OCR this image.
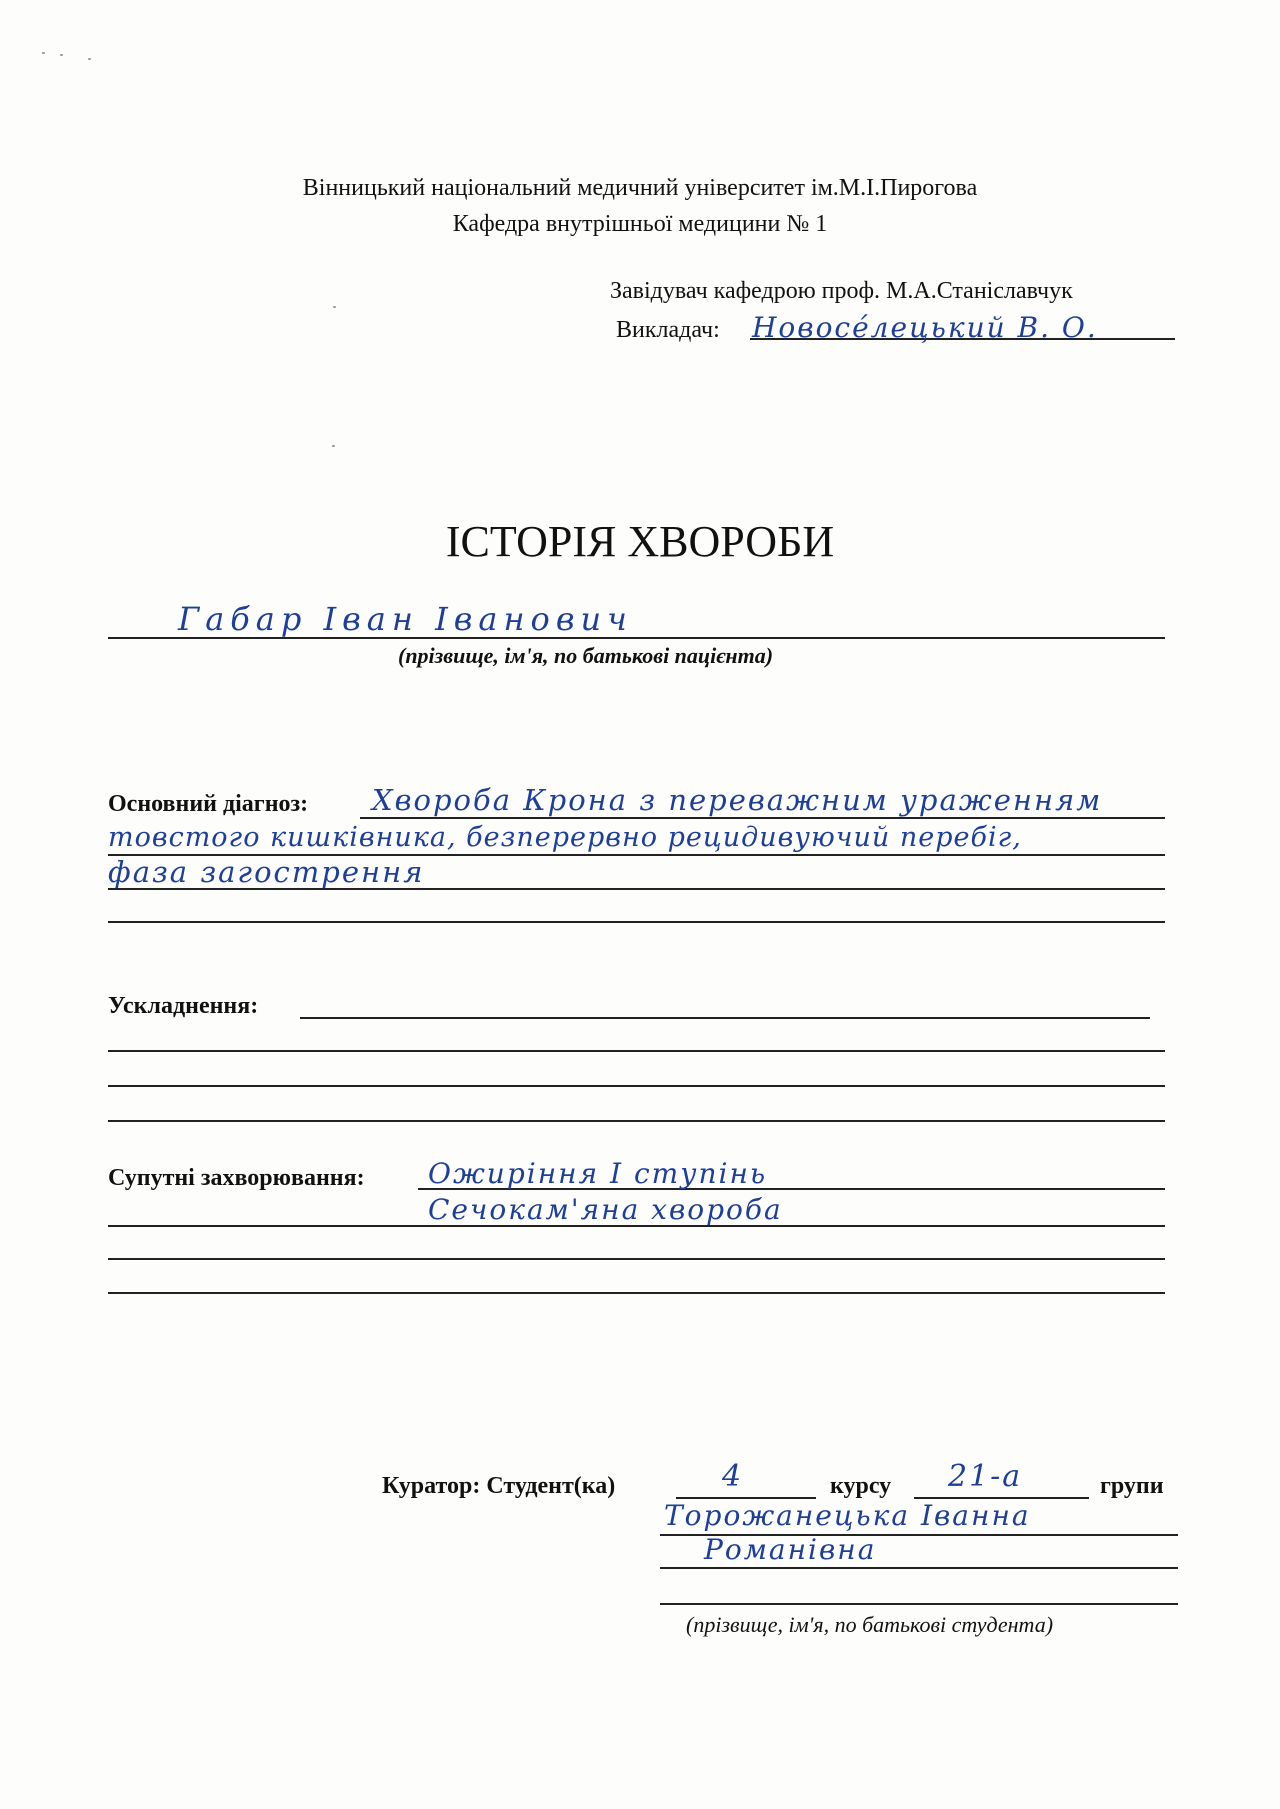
Вінницький національний медичний університет ім.М.І.Пирогова
Кафедра внутрішньої медицини № 1
Завідувач кафедрою проф. М.А.Станіславчук
Викладач: Новосе́лецький В. О.
ІСТОРІЯ ХВОРОБИ
Габар Іван Іванович
(прізвище, ім'я, по батькові пацієнта)
Основний діагноз: Хвороба Крона з переважним ураженням
товстого кишківника, безперервно рецидивуючий перебіг,
фаза загострення
Ускладнення:
Супутні захворювання: Ожиріння І ступінь
Сечокам'яна хвороба
Куратор: Студент(ка)	4	курсу 21-а	групи
Торожанецька Іванна
Романівна
(прізвище, ім'я, по батькові студента)
